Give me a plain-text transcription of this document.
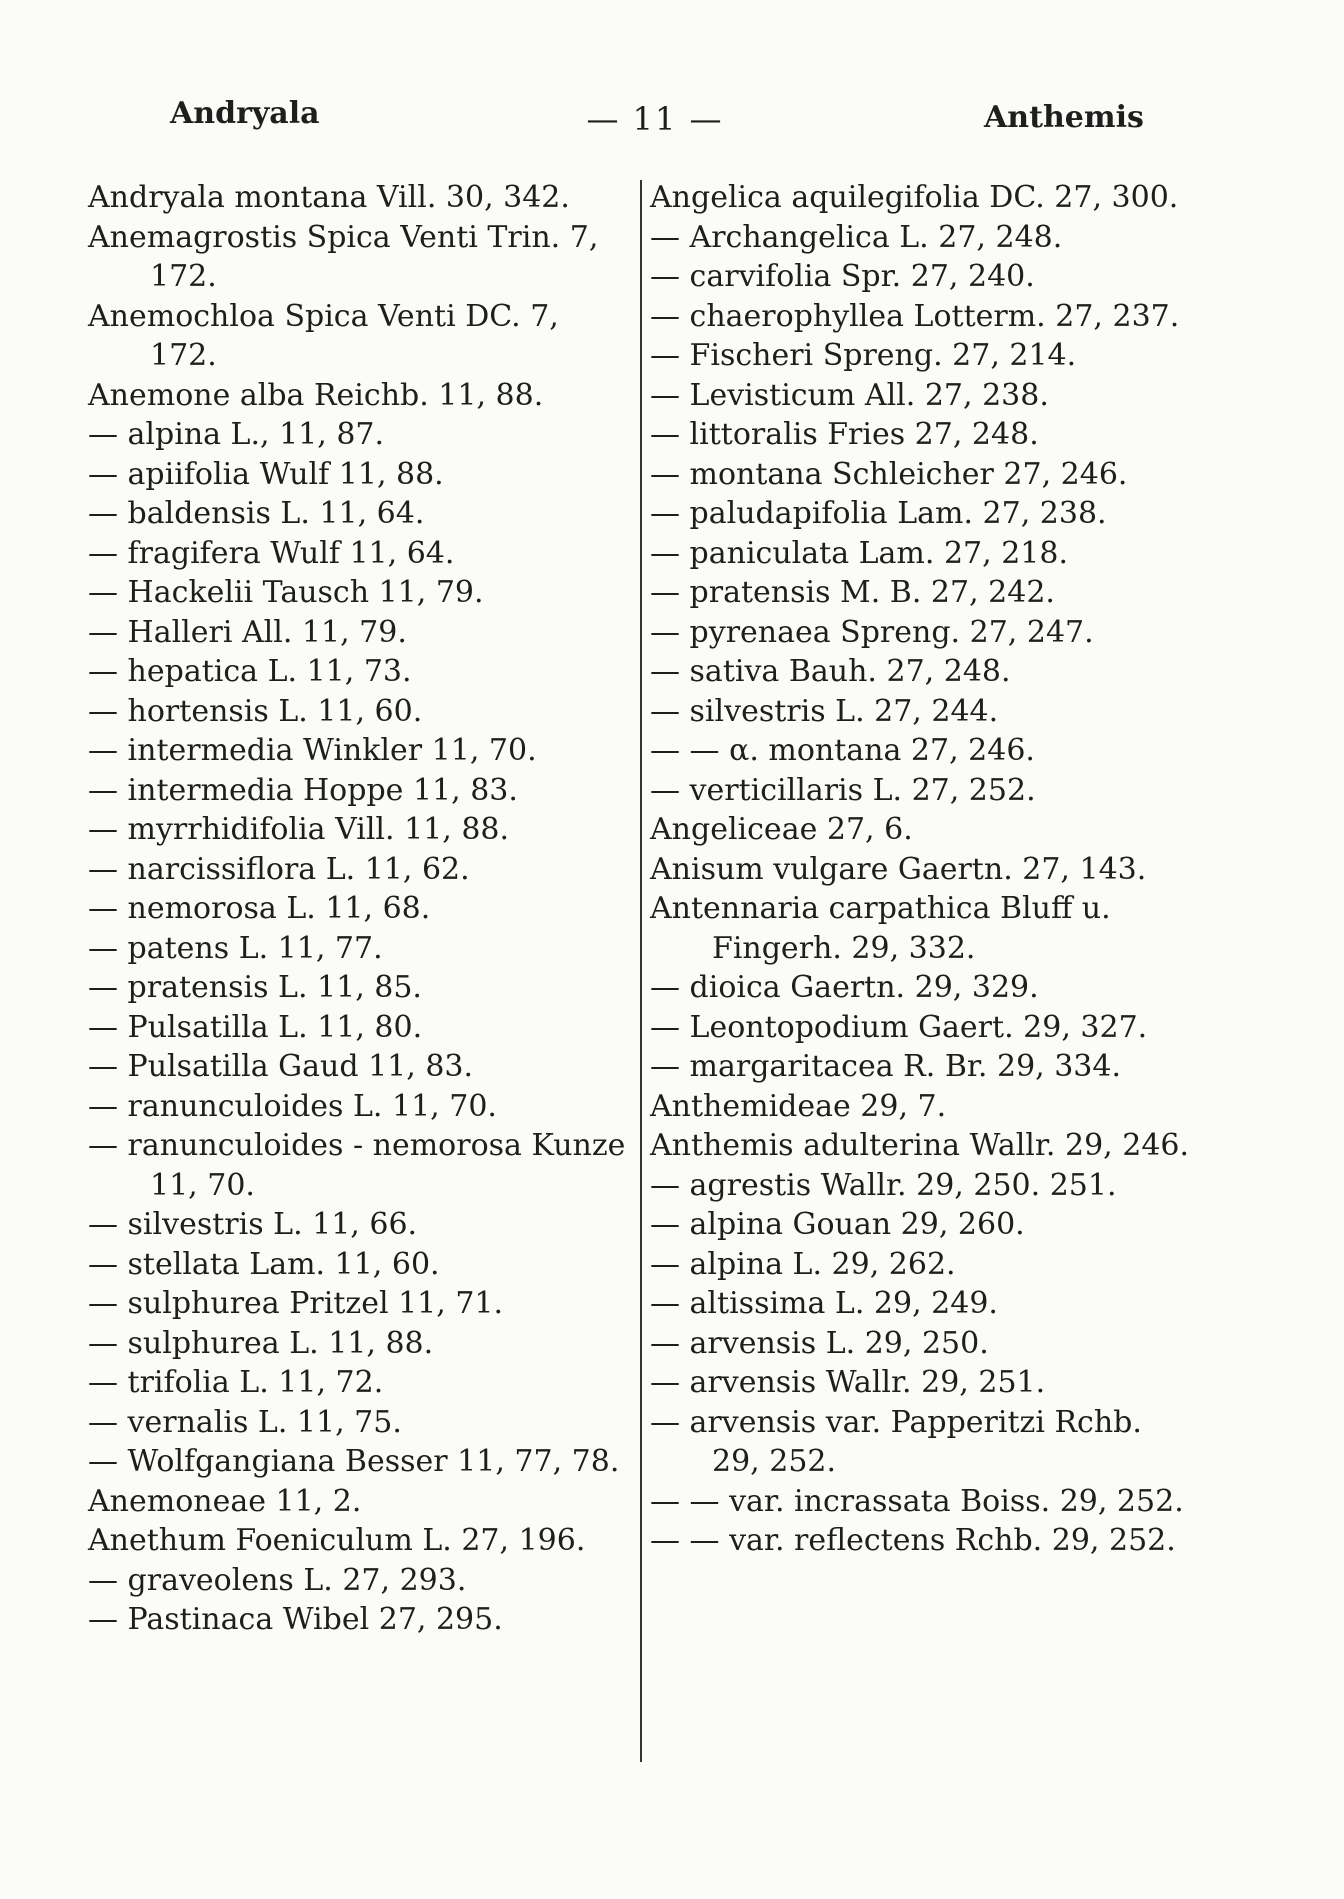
Andryala	— 11 —	Anthemis
Andryala montana Vill. 30, 342.
Anemagrostis Spica Venti Trin. 7, 172.
Anemochloa Spica Venti DC. 7, 172.
Anemone alba Reichb. 11, 88.
— alpina L., 11, 87.
— apiifolia Wulf 11, 88.
— baldensis L. 11, 64.
— fragifera Wulf 11, 64.
— Hackelii Tausch 11, 79.
— Halleri All. 11, 79.
— hepatica L. 11, 73.
— hortensis L. 11, 60.
— intermedia Winkler 11, 70.
— intermedia Hoppe 11, 83.
— myrrhidifolia Vill. 11, 88.
— narcissiflora L. 11, 62.
— nemorosa L. 11, 68.
— patens L. 11, 77.
— pratensis L. 11, 85.
— Pulsatilla L. 11, 80.
— Pulsatilla Gaud 11, 83.
— ranunculoides L. 11, 70.
— ranunculoides - nemorosa Kunze 11, 70.
— silvestris L. 11, 66.
— stellata Lam. 11, 60.
— sulphurea Pritzel 11, 71.
— sulphurea L. 11, 88.
— trifolia L. 11, 72.
— vernalis L. 11, 75.
— Wolfgangiana Besser 11, 77, 78.
Anemoneae 11, 2.
Anethum Foeniculum L. 27, 196.
— graveolens L. 27, 293.
— Pastinaca Wibel 27, 295.
Angelica aquilegifolia DC. 27, 300.
— Archangelica L. 27, 248.
— carvifolia Spr. 27, 240.
— chaerophyllea Lotterm. 27, 237.
— Fischeri Spreng. 27, 214.
— Levisticum All. 27, 238.
— littoralis Fries 27, 248.
— montana Schleicher 27, 246.
— paludapifolia Lam. 27, 238.
— paniculata Lam. 27, 218.
— pratensis M. B. 27, 242.
— pyrenaea Spreng. 27, 247.
— sativa Bauh. 27, 248.
— silvestris L. 27, 244.
— — α. montana 27, 246.
— verticillaris L. 27, 252.
Angeliceae 27, 6.
Anisum vulgare Gaertn. 27, 143.
Antennaria carpathica Bluff u. Fingerh. 29, 332.
— dioica Gaertn. 29, 329.
— Leontopodium Gaert. 29, 327.
— margaritacea R. Br. 29, 334.
Anthemideae 29, 7.
Anthemis adulterina Wallr. 29, 246.
— agrestis Wallr. 29, 250. 251.
— alpina Gouan 29, 260.
— alpina L. 29, 262.
— altissima L. 29, 249.
— arvensis L. 29, 250.
— arvensis Wallr. 29, 251.
— arvensis var. Papperitzi Rchb. 29, 252.
— — var. incrassata Boiss. 29, 252.
— — var. reflectens Rchb. 29, 252.
